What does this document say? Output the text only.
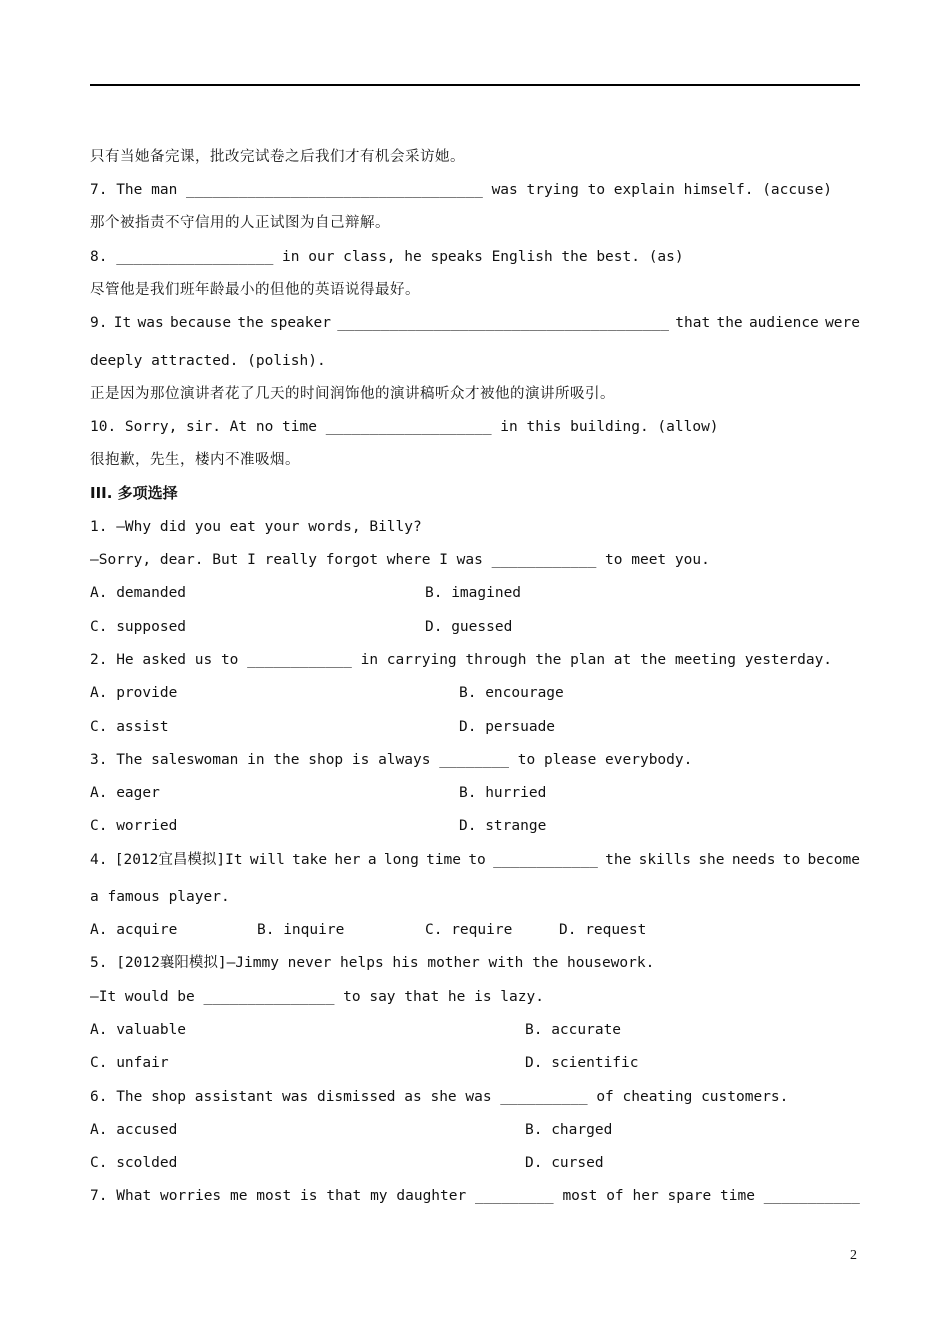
只有当她备完课，批改完试卷之后我们才有机会采访她。
7. The man __________________________________ was trying to explain himself. (accuse)
那个被指责不守信用的人正试图为自己辩解。
8. __________________ in our class, he speaks English the best. (as)
尽管他是我们班年龄最小的但他的英语说得最好。
9. It was because the speaker ______________________________________ that the audience were
deeply attracted. (polish).
正是因为那位演讲者花了几天的时间润饰他的演讲稿听众才被他的演讲所吸引。
10. Sorry, sir. At no time ___________________ in this building. (allow)
很抱歉，先生，楼内不准吸烟。
III. 多项选择
1. —Why did you eat your words, Billy?
—Sorry, dear. But I really forgot where I was ____________ to meet you.
A. demanded	B. imagined
C. supposed	D. guessed
2. He asked us to ____________ in carrying through the plan at the meeting yesterday.
A. provide	B. encourage
C. assist	D. persuade
3. The saleswoman in the shop is always ________ to please everybody.
A. eager	B. hurried
C. worried	D. strange
4. [2012宜昌模拟]It will take her a long time to ____________ the skills she needs to become
a famous player.
A. acquire	B. inquire	C. require	D. request
5. [2012襄阳模拟]—Jimmy never helps his mother with the housework.
—It would be _______________ to say that he is lazy.
A. valuable	B. accurate
C. unfair	D. scientific
6. The shop assistant was dismissed as she was __________ of cheating customers.
A. accused	B. charged
C. scolded	D. cursed
7. What worries me most is that my daughter _________ most of her spare time ___________
2
